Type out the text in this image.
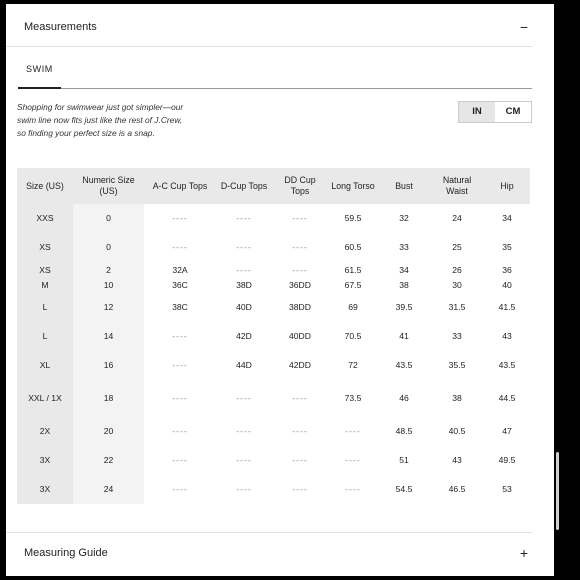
Measurements	−
SWIM
Shopping for swimwear just got simpler—our swim line now fits just like the rest of J.Crew, so finding your perfect size is a snap.
IN	CM
Size (US)	Numeric Size (US)	A-C Cup Tops	D-Cup Tops	DD Cup Tops	Long Torso	Bust	Natural Waist	Hip
XXS	0	----	----	----	59.5	32	24	34
XS	0	----	----	----	60.5	33	25	35
XS	2	32A	----	----	61.5	34	26	36
M	10	36C	38D	36DD	67.5	38	30	40
L	12	38C	40D	38DD	69	39.5	31.5	41.5
L	14	----	42D	40DD	70.5	41	33	43
XL	16	----	44D	42DD	72	43.5	35.5	43.5
XXL / 1X	18	----	----	----	73.5	46	38	44.5
2X	20	----	----	----	----	48.5	40.5	47
3X	22	----	----	----	----	51	43	49.5
3X	24	----	----	----	----	54.5	46.5	53
Measuring Guide	+
